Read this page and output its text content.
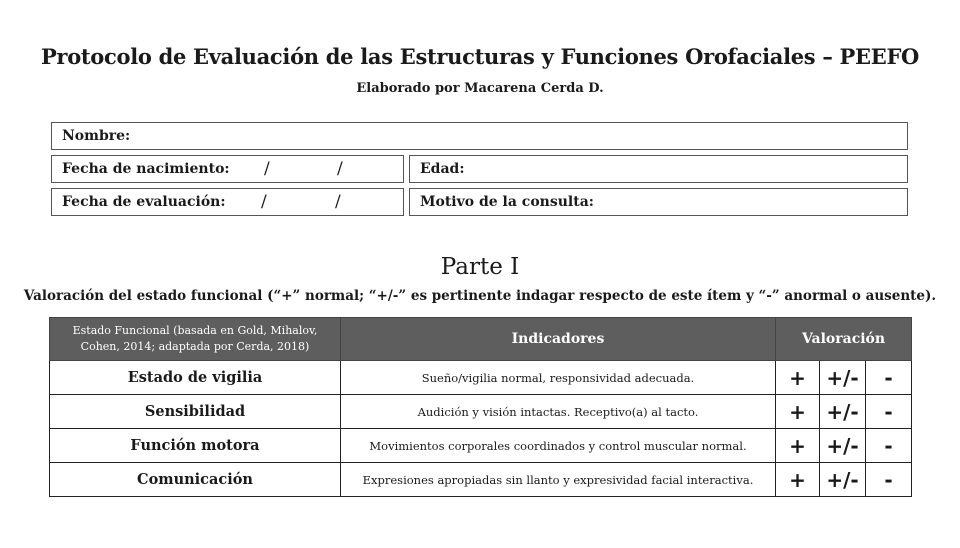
Protocolo de Evaluación de las Estructuras y Funciones Orofaciales – PEEFO
Elaborado por Macarena Cerda D.
Nombre:
Fecha de nacimiento: /	/	Edad:
Fecha de evaluación: /	/	Motivo de la consulta:
Parte I
Valoración del estado funcional (“+” normal; “+/-” es pertinente indagar respecto de este ítem y “-” anormal o ausente).
Estado Funcional (basada en Gold, Mihalov, Cohen, 2014; adaptada por Cerda, 2018)	Indicadores	Valoración		
Estado de vigilia	Sueño/vigilia normal, responsividad adecuada.	+	+/-	-
Sensibilidad	Audición y visión intactas. Receptivo(a) al tacto.	+	+/-	-
Función motora	Movimientos corporales coordinados y control muscular normal.	+	+/-	-
Comunicación	Expresiones apropiadas sin llanto y expresividad facial interactiva.	+	+/-	-
